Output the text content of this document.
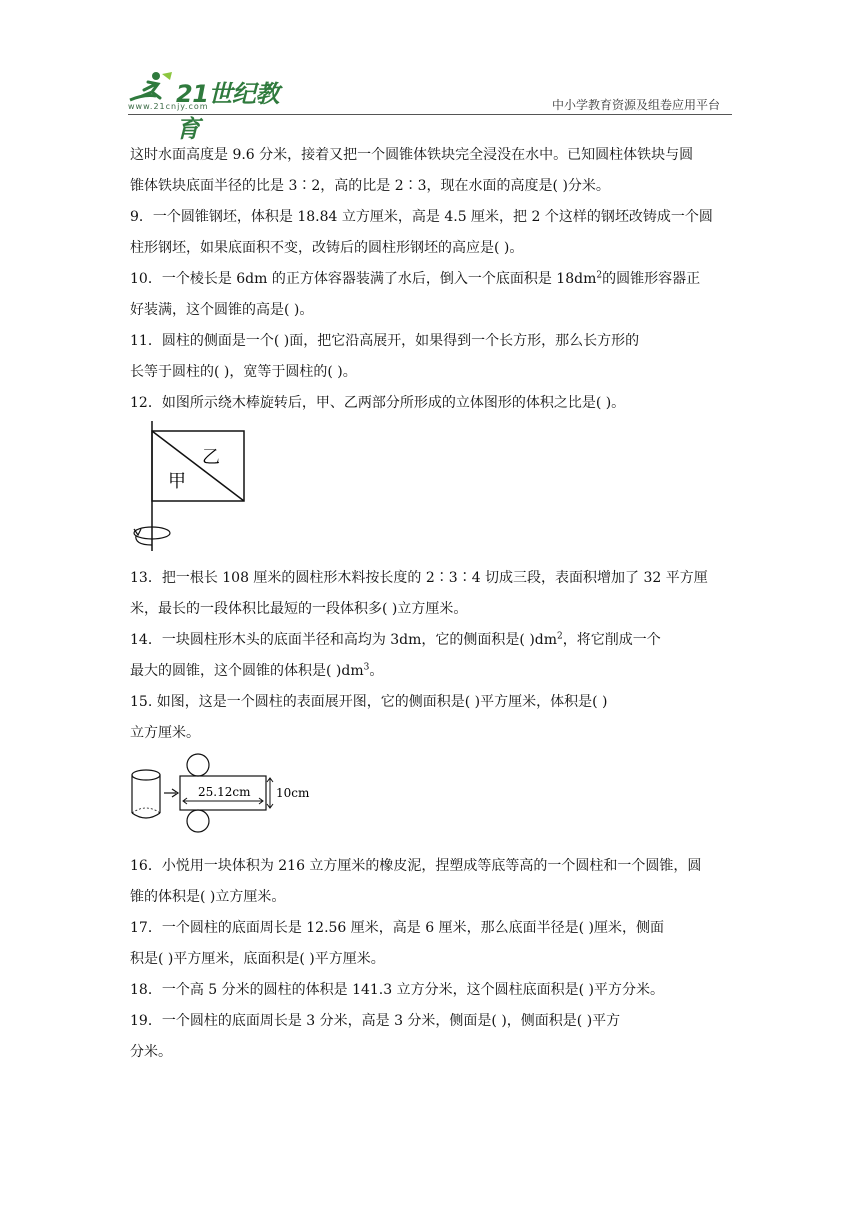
21世纪教育
www.21cnjy.com	中小学教育资源及组卷应用平台
这时水面高度是 9.6 分米，接着又把一个圆锥体铁块完全浸没在水中。已知圆柱体铁块与圆
锥体铁块底面半径的比是 3∶2，高的比是 2∶3，现在水面的高度是( )分米。
9．一个圆锥钢坯，体积是 18.84 立方厘米，高是 4.5 厘米，把 2 个这样的钢坯改铸成一个圆
柱形钢坯，如果底面积不变，改铸后的圆柱形钢坯的高应是( )。
10．一个棱长是 6dm 的正方体容器装满了水后，倒入一个底面积是 $18dm^2$的圆锥形容器正
好装满，这个圆锥的高是( )。
11．圆柱的侧面是一个( )面，把它沿高展开，如果得到一个长方形，那么长方形的
长等于圆柱的( )，宽等于圆柱的( )。
12．如图所示绕木棒旋转后，甲、乙两部分所形成的立体图形的体积之比是( )。
乙
甲
13．把一根长 108 厘米的圆柱形木料按长度的 2∶3∶4 切成三段，表面积增加了 32 平方厘
米，最长的一段体积比最短的一段体积多( )立方厘米。
14．一块圆柱形木头的底面半径和高均为 3dm，它的侧面积是( )$dm^2$，将它削成一个
最大的圆锥，这个圆锥的体积是( )$dm^3$。
15. 如图，这是一个圆柱的表面展开图，它的侧面积是( )平方厘米，体积是( )
立方厘米。
25.12cm 10cm
16．小悦用一块体积为 216 立方厘米的橡皮泥，捏塑成等底等高的一个圆柱和一个圆锥，圆
锥的体积是( )立方厘米。
17．一个圆柱的底面周长是 12.56 厘米，高是 6 厘米，那么底面半径是( )厘米，侧面
积是( )平方厘米，底面积是( )平方厘米。
18．一个高 5 分米的圆柱的体积是 141.3 立方分米，这个圆柱底面积是( )平方分米。
19．一个圆柱的底面周长是 3 分米，高是 3 分米，侧面是( )，侧面积是( )平方
分米。
